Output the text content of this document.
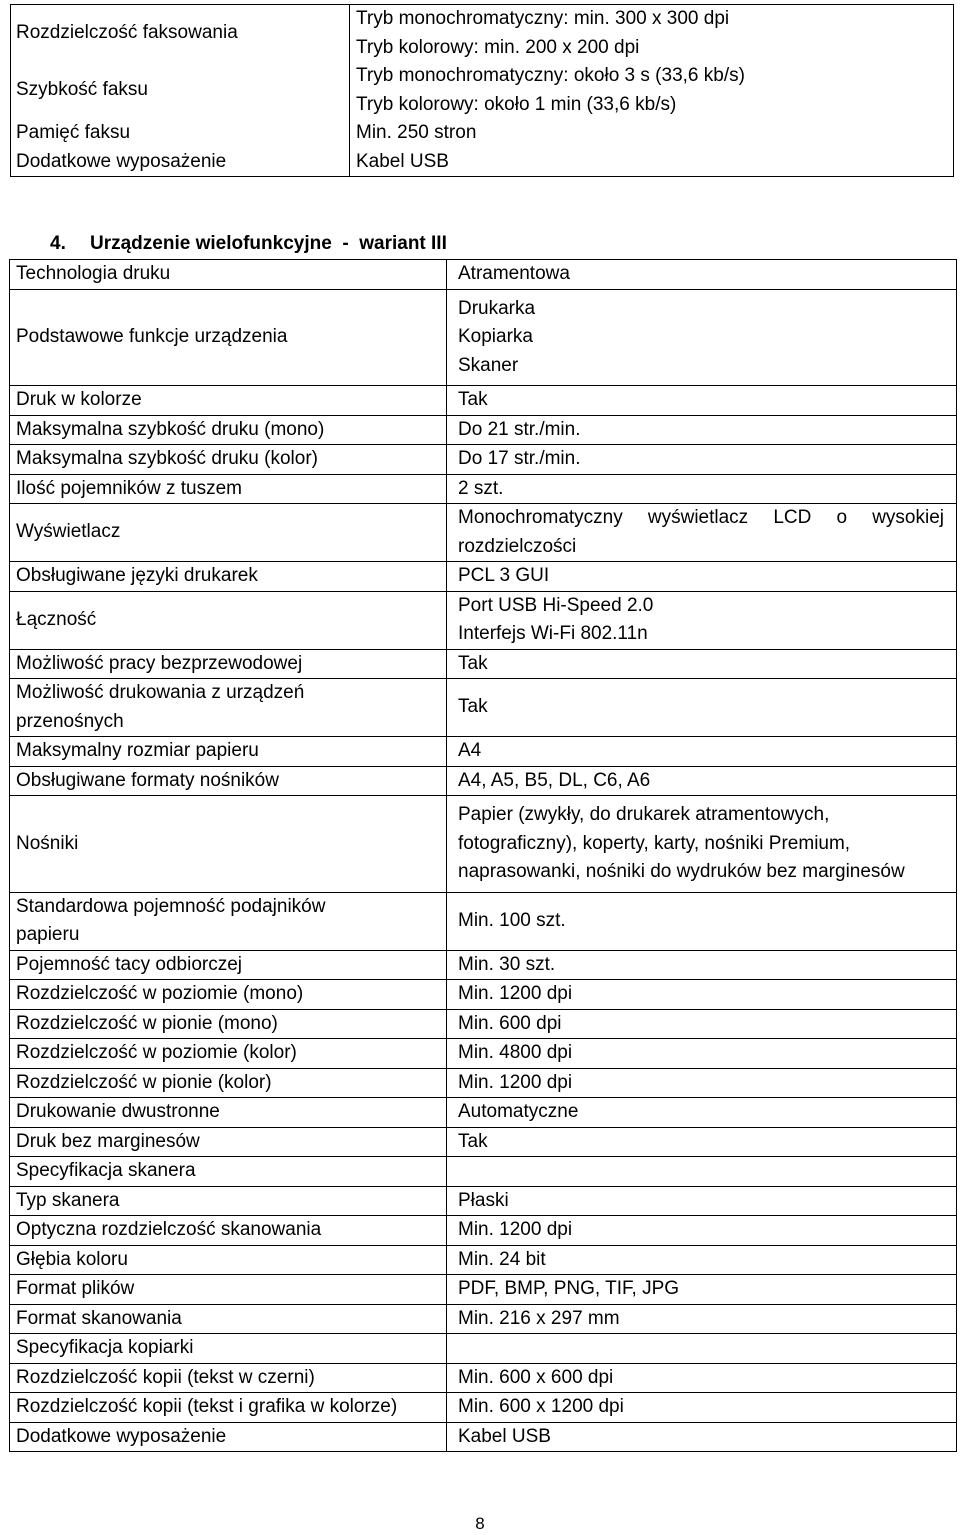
Rozdzielczość faksowania	Tryb monochromatyczny: min. 300 x 300 dpi
Tryb kolorowy: min. 200 x 200 dpi

Szybkość faksu	Tryb monochromatyczny: około 3 s (33,6 kb/s)
Tryb kolorowy: około 1 min (33,6 kb/s)

Pamięć faksu	Min. 250 stron

Dodatkowe wyposażenie	Kabel USB
4. Urządzenie wielofunkcyjne  -  wariant III
Technologia druku	Atramentowa

Podstawowe funkcje urządzenia	Drukarka
Kopiarka
Skaner

Druk w kolorze	Tak

Maksymalna szybkość druku (mono)	Do 21 str./min.

Maksymalna szybkość druku (kolor)	Do 17 str./min.

Ilość pojemników z tuszem	2 szt.

Wyświetlacz	Monochromatyczny wyświetlacz LCD o wysokiej rozdzielczości

Obsługiwane języki drukarek	PCL 3 GUI

Łączność	Port USB Hi-Speed 2.0
Interfejs Wi-Fi 802.11n

Możliwość pracy bezprzewodowej	Tak

Możliwość drukowania z urządzeń
przenośnych	Tak

Maksymalny rozmiar papieru	A4

Obsługiwane formaty nośników	A4, A5, B5, DL, C6, A6

Nośniki	Papier (zwykły, do drukarek atramentowych,
fotograficzny), koperty, karty, nośniki Premium,
naprasowanki, nośniki do wydruków bez marginesów

Standardowa pojemność podajników
papieru	Min. 100 szt.

Pojemność tacy odbiorczej	Min. 30 szt.

Rozdzielczość w poziomie (mono)	Min. 1200 dpi

Rozdzielczość w pionie (mono)	Min. 600 dpi

Rozdzielczość w poziomie (kolor)	Min. 4800 dpi

Rozdzielczość w pionie (kolor)	Min. 1200 dpi

Drukowanie dwustronne	Automatyczne

Druk bez marginesów	Tak

Specyfikacja skanera	

Typ skanera	Płaski

Optyczna rozdzielczość skanowania	Min. 1200 dpi

Głębia koloru	Min. 24 bit

Format plików	PDF, BMP, PNG, TIF, JPG

Format skanowania	Min. 216 x 297 mm

Specyfikacja kopiarki	

Rozdzielczość kopii (tekst w czerni)	Min. 600 x 600 dpi

Rozdzielczość kopii (tekst i grafika w kolorze)	Min. 600 x 1200 dpi

Dodatkowe wyposażenie	Kabel USB
8
